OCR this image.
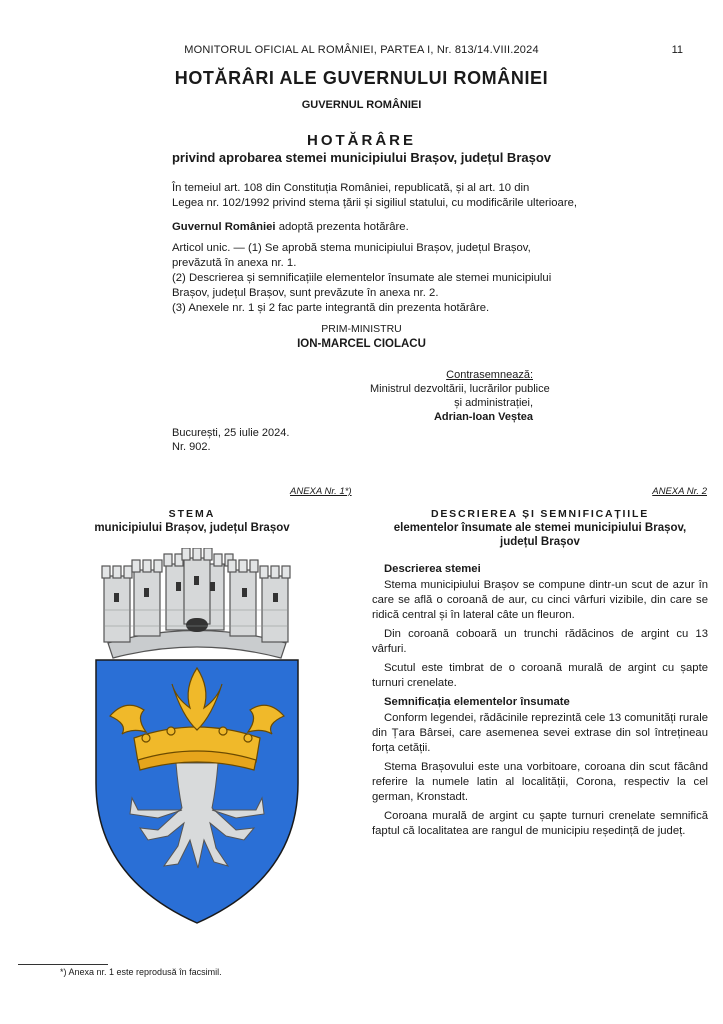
MONITORUL OFICIAL AL ROMÂNIEI, PARTEA I, Nr. 813/14.VIII.2024	11
HOTĂRÂRI ALE GUVERNULUI ROMÂNIEI
GUVERNUL ROMÂNIEI
HOTĂRÂRE
privind aprobarea stemei municipiului Brașov, județul Brașov

În temeiul art. 108 din Constituția României, republicată, și al art. 10 din

Legea nr. 102/1992 privind stema țării și sigiliul statului, cu modificările ulterioare,

Guvernul României adoptă prezenta hotărâre.

Articol unic. — (1) Se aprobă stema municipiului Brașov, județul Brașov,

prevăzută în anexa nr. 1.

(2) Descrierea și semnificațiile elementelor însumate ale stemei municipiului

Brașov, județul Brașov, sunt prevăzute în anexa nr. 2.

(3) Anexele nr. 1 și 2 fac parte integrantă din prezenta hotărâre.

PRIM-MINISTRU
ION-MARCEL CIOLACU
Contrasemnează:
Ministrul dezvoltării, lucrărilor publice
și administrației,
Adrian-Ioan Veștea
București, 25 iulie 2024.
Nr. 902.
ANEXA Nr. 1*)	ANEXA Nr. 2
STEMA
municipiului Brașov, județul Brașov
DESCRIEREA ȘI SEMNIFICAȚIILE
elementelor însumate ale stemei municipiului Brașov,
județul Brașov
Descrierea stemei

Stema municipiului Brașov se compune dintr-un scut de azur în care se află o coroană de aur, cu cinci vârfuri vizibile, din care se ridică central și în lateral câte un fleuron.

Din coroană coboară un trunchi rădăcinos de argint cu 13 vârfuri.

Scutul este timbrat de o coroană murală de argint cu șapte turnuri crenelate.

Semnificația elementelor însumate

Conform legendei, rădăcinile reprezintă cele 13 comunități rurale din Țara Bârsei, care asemenea sevei extrase din sol întrețineau forța cetății.

Stema Brașovului este una vorbitoare, coroana din scut făcând referire la numele latin al localității, Corona, respectiv la cel german, Kronstadt.

Coroana murală de argint cu șapte turnuri crenelate semnifică faptul că localitatea are rangul de municipiu reședință de județ.

*) Anexa nr. 1 este reprodusă în facsimil.
